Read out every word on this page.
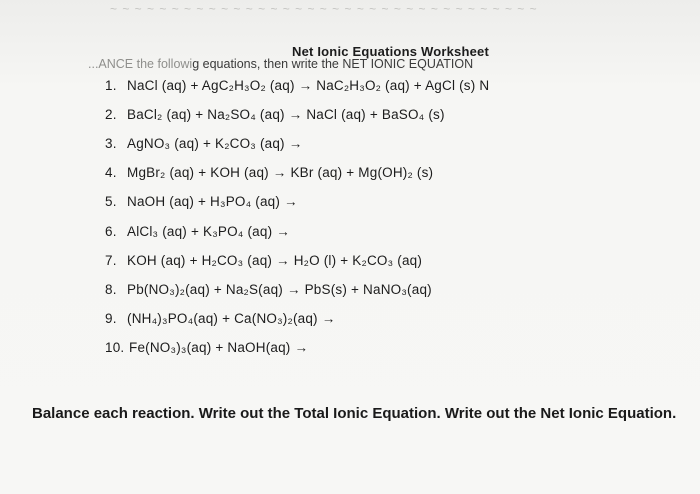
~ ~ ~ ~ ~ ~ ~ ~ ~ ~ ~ ~ ~ ~ ~ ~ ~ ~ ~ ~ ~ ~ ~ ~ ~ ~ ~ ~ ~ ~ ~ ~ ~ ~ ~
Net Ionic Equations Worksheet
...ANCE the followig equations, then write the NET IONIC EQUATION
1. NaCl (aq) + AgC₂H₃O₂ (aq) → NaC₂H₃O₂ (aq) + AgCl (s) N
2. BaCl₂ (aq) + Na₂SO₄ (aq) → NaCl (aq) + BaSO₄ (s)
3. AgNO₃ (aq) + K₂CO₃ (aq) →
4. MgBr₂ (aq) + KOH (aq) → KBr (aq) + Mg(OH)₂ (s)
5. NaOH (aq) + H₃PO₄ (aq) →
6. AlCl₃ (aq) + K₃PO₄ (aq) →
7. KOH (aq) + H₂CO₃ (aq) → H₂O (l) + K₂CO₃ (aq)
8. Pb(NO₃)₂(aq) + Na₂S(aq) → PbS(s) + NaNO₃(aq)
9. (NH₄)₃PO₄(aq) + Ca(NO₃)₂(aq) →
10. Fe(NO₃)₃(aq) + NaOH(aq) →
Balance each reaction. Write out the Total Ionic Equation. Write out the Net Ionic Equation.
